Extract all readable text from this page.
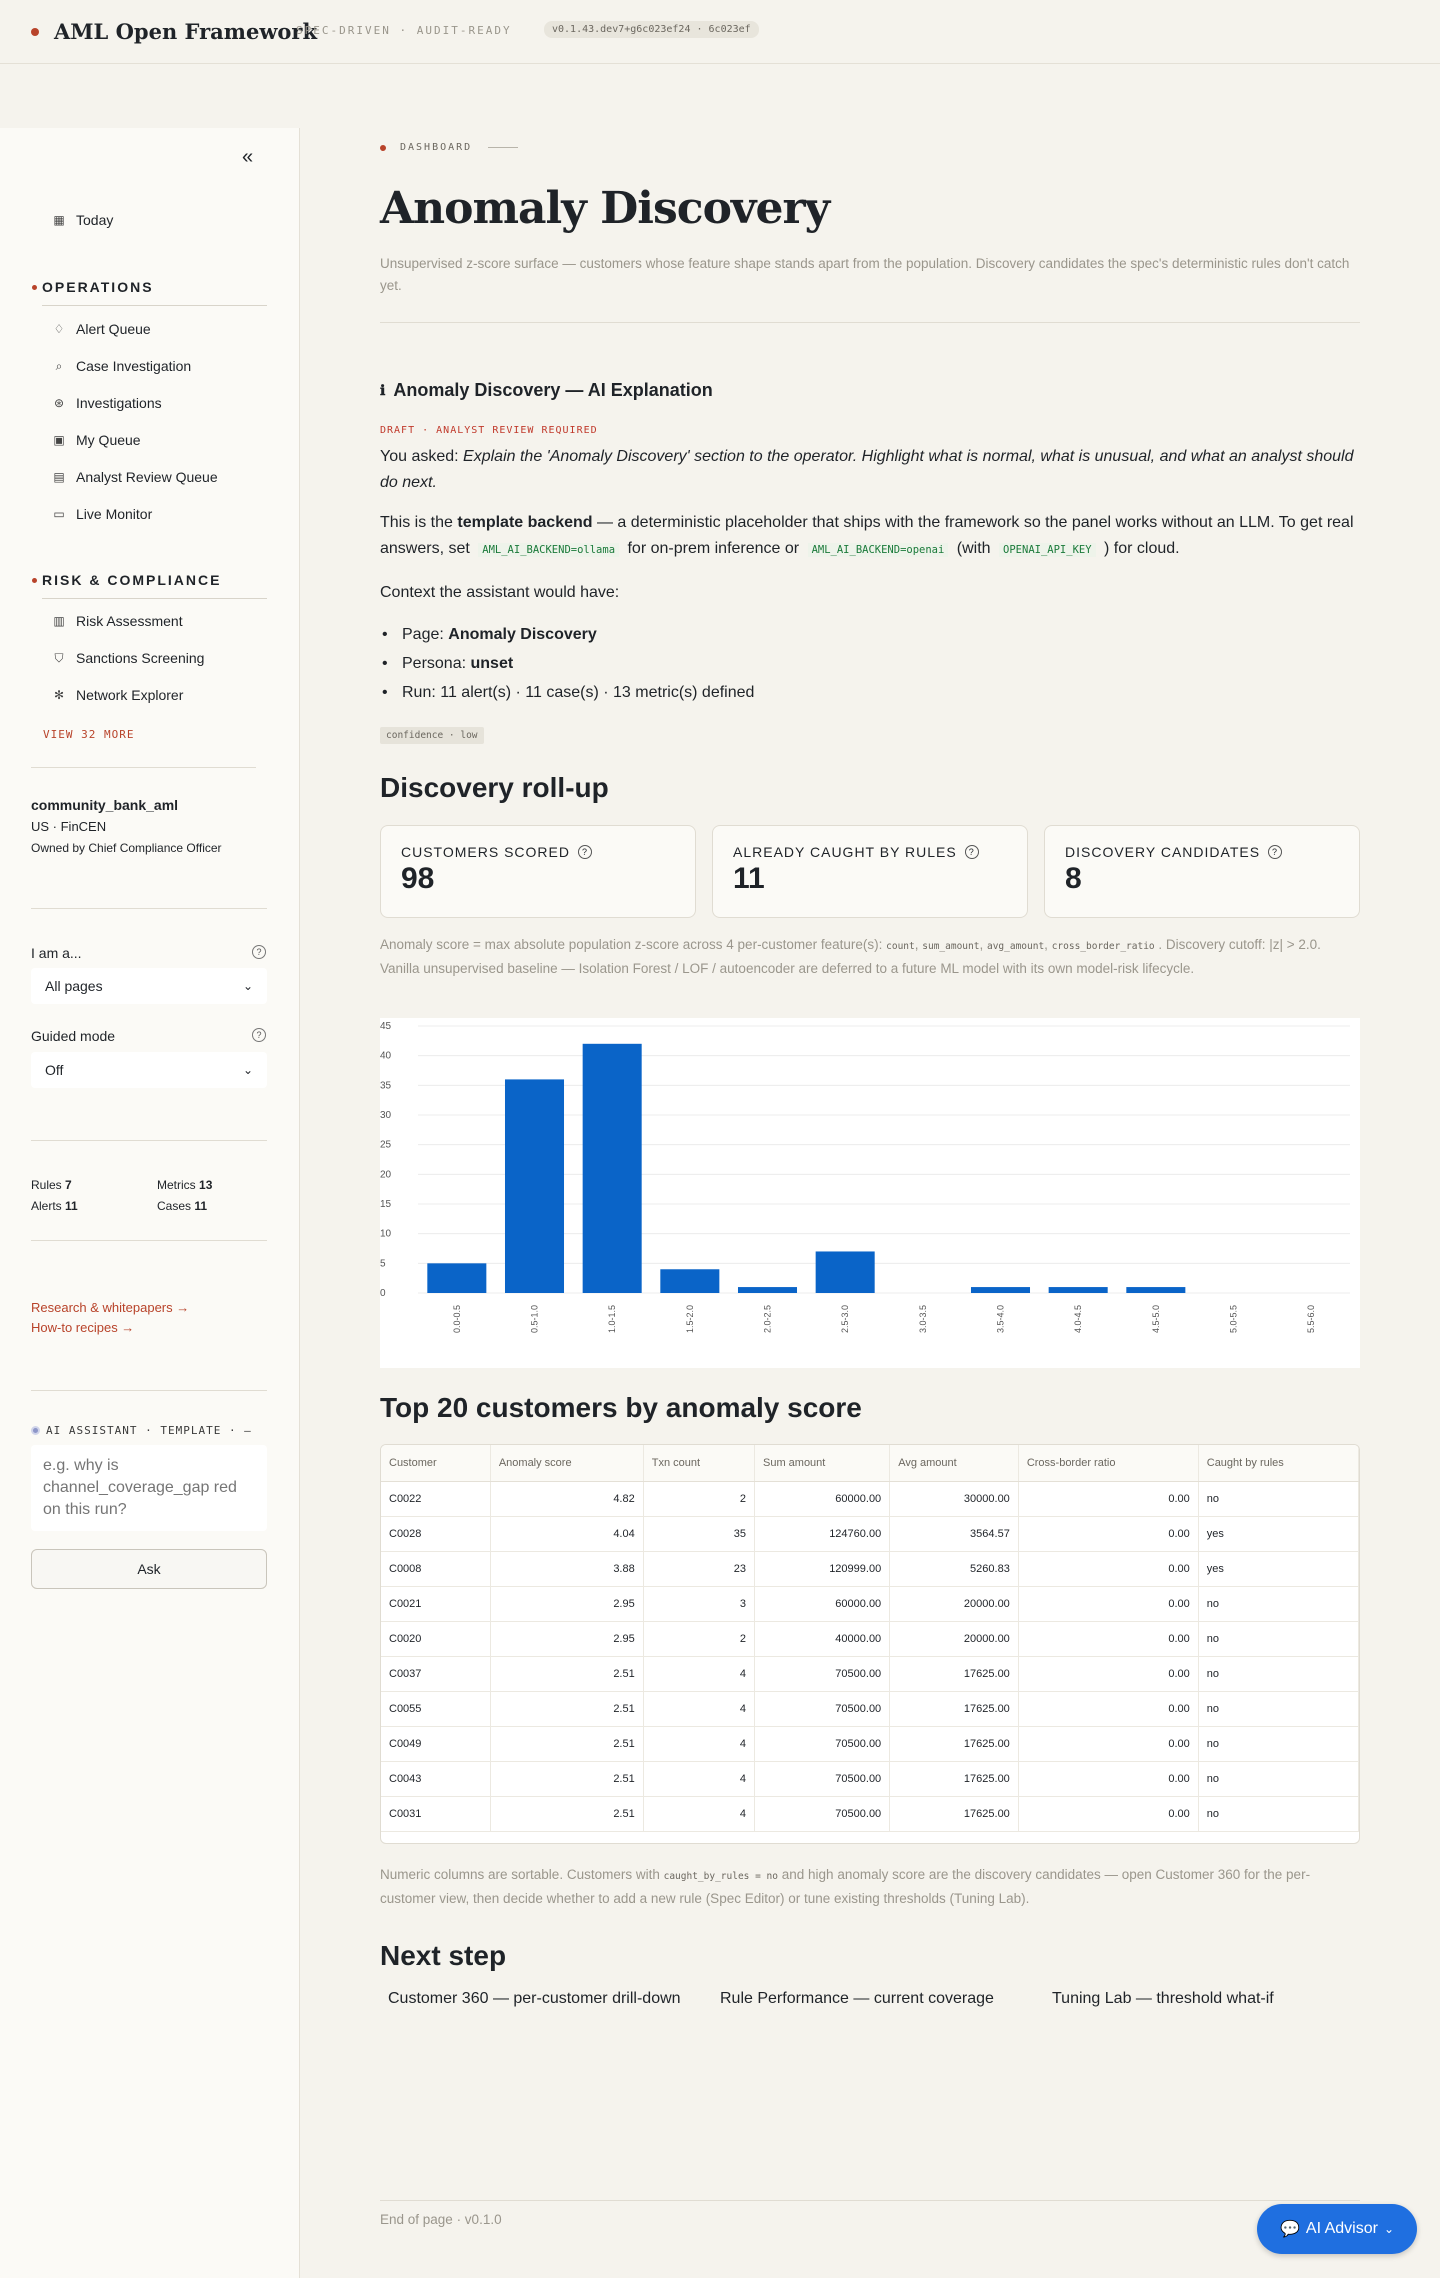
AML Open Framework
SPEC-DRIVEN · AUDIT-READY	v0.1.43.dev7+g6c023ef24 · 6c023ef
«
▦ Today
OPERATIONS
♢ Alert Queue
⌕ Case Investigation
⊛ Investigations
▣ My Queue
▤ Analyst Review Queue
▭ Live Monitor
RISK & COMPLIANCE
▥ Risk Assessment
⛉ Sanctions Screening
✻ Network Explorer
VIEW 32 MORE
community_bank_aml
US · FinCEN
Owned by Chief Compliance Officer
I am a...	?
All pages	⌄
Guided mode	?
Off	⌄
Rules 7	Metrics 13
Alerts 11	Cases 11
Research & whitepapers →
How-to recipes →
AI ASSISTANT · TEMPLATE · —
e.g. why is channel_coverage_gap red on this run?
Ask
DASHBOARD
Anomaly Discovery
Unsupervised z-score surface — customers whose feature shape stands apart from the population. Discovery candidates the spec's deterministic rules don't catch yet.
ℹ Anomaly Discovery — AI Explanation
DRAFT · ANALYST REVIEW REQUIRED
You asked: Explain the 'Anomaly Discovery' section to the operator. Highlight what is normal, what is unusual, and what an analyst should do next.
This is the template backend — a deterministic placeholder that ships with the framework so the panel works without an LLM. To get real answers, set AML_AI_BACKEND=ollama for on-prem inference or AML_AI_BACKEND=openai (with OPENAI_API_KEY ) for cloud.
Context the assistant would have:
• Page: Anomaly Discovery
• Persona: unset
• Run: 11 alert(s) · 11 case(s) · 13 metric(s) defined
confidence · low
Discovery roll-up
CUSTOMERS SCORED	?
98
ALREADY CAUGHT BY RULES	?
11
DISCOVERY CANDIDATES	?
8
Anomaly score = max absolute population z-score across 4 per-customer feature(s): count, sum_amount, avg_amount, cross_border_ratio . Discovery cutoff: |z| > 2.0. Vanilla unsupervised baseline — Isolation Forest / LOF / autoencoder are deferred to a future ML model with its own model-risk lifecycle.
0
5
10
15
20
25
30
35
40
45
0.0-0.5	0.5-1.0	1.0-1.5	1.5-2.0	2.0-2.5	2.5-3.0	3.0-3.5	3.5-4.0	4.0-4.5	4.5-5.0	5.0-5.5	5.5-6.0
Top 20 customers by anomaly score
Customer	Anomaly score	Txn count	Sum amount	Avg amount	Cross-border ratio	Caught by rules
C0022	4.82	2	60000.00	30000.00	0.00	no
C0028	4.04	35	124760.00	3564.57	0.00	yes
C0008	3.88	23	120999.00	5260.83	0.00	yes
C0021	2.95	3	60000.00	20000.00	0.00	no
C0020	2.95	2	40000.00	20000.00	0.00	no
C0037	2.51	4	70500.00	17625.00	0.00	no
C0055	2.51	4	70500.00	17625.00	0.00	no
C0049	2.51	4	70500.00	17625.00	0.00	no
C0043	2.51	4	70500.00	17625.00	0.00	no
C0031	2.51	4	70500.00	17625.00	0.00	no
Numeric columns are sortable. Customers with caught_by_rules = no and high anomaly score are the discovery candidates — open Customer 360 for the per-customer view, then decide whether to add a new rule (Spec Editor) or tune existing thresholds (Tuning Lab).
Next step
Customer 360 — per-customer drill-down	Rule Performance — current coverage	Tuning Lab — threshold what-if
End of page · v0.1.0
💬 AI Advisor ⌄
